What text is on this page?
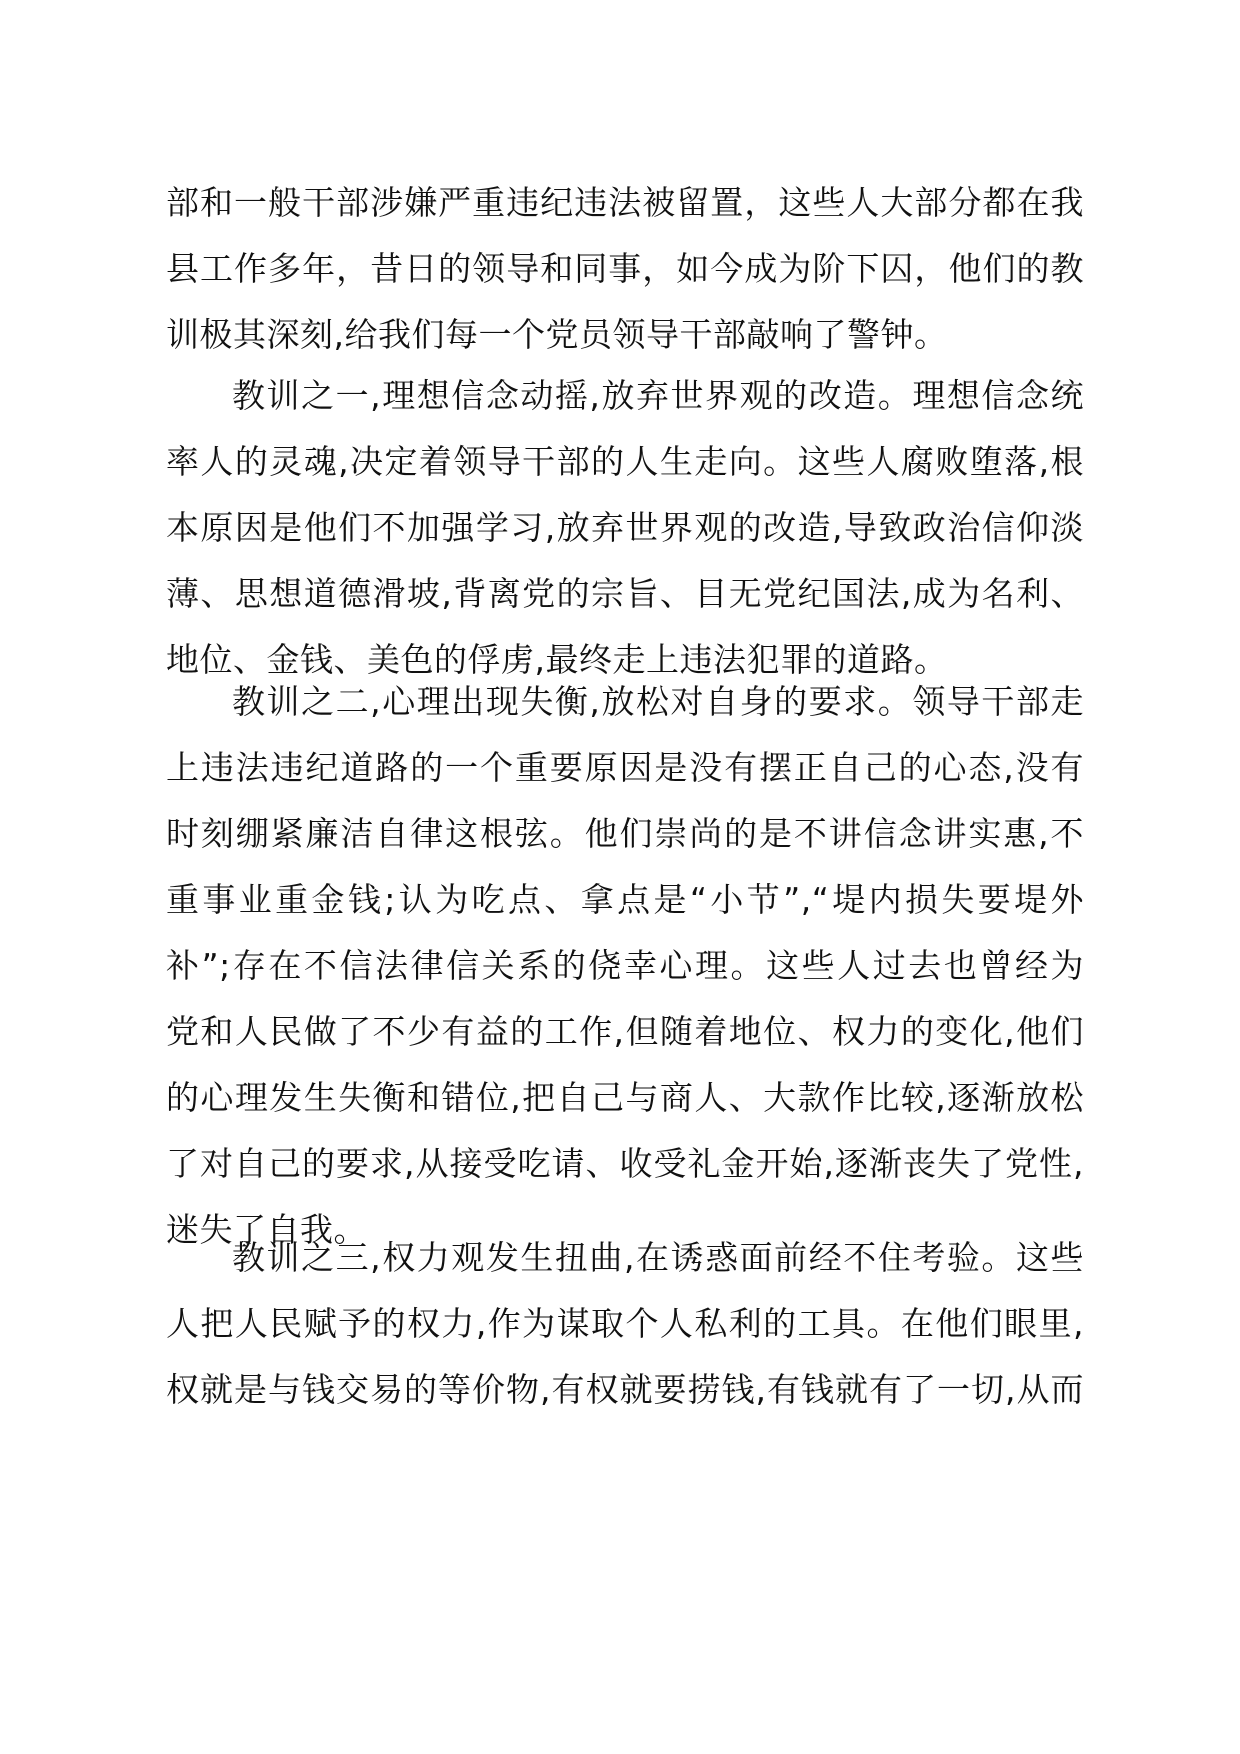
部和一般干部涉嫌严重违纪违法被留置，这些人大部分都在我
县工作多年，昔日的领导和同事，如今成为阶下囚，他们的教
训极其深刻,给我们每一个党员领导干部敲响了警钟。
教训之一,理想信念动摇,放弃世界观的改造。理想信念统
率人的灵魂,决定着领导干部的人生走向。这些人腐败堕落,根
本原因是他们不加强学习,放弃世界观的改造,导致政治信仰淡
薄、思想道德滑坡,背离党的宗旨、目无党纪国法,成为名利、
地位、金钱、美色的俘虏,最终走上违法犯罪的道路。
教训之二,心理出现失衡,放松对自身的要求。领导干部走
上违法违纪道路的一个重要原因是没有摆正自己的心态,没有
时刻绷紧廉洁自律这根弦。他们崇尚的是不讲信念讲实惠,不
重事业重金钱;认为吃点、拿点是“小节”,“堤内损失要堤外
补”;存在不信法律信关系的侥幸心理。这些人过去也曾经为
党和人民做了不少有益的工作,但随着地位、权力的变化,他们
的心理发生失衡和错位,把自己与商人、大款作比较,逐渐放松
了对自己的要求,从接受吃请、收受礼金开始,逐渐丧失了党性,
迷失了自我。
教训之三,权力观发生扭曲,在诱惑面前经不住考验。这些
人把人民赋予的权力,作为谋取个人私利的工具。在他们眼里,
权就是与钱交易的等价物,有权就要捞钱,有钱就有了一切,从而
